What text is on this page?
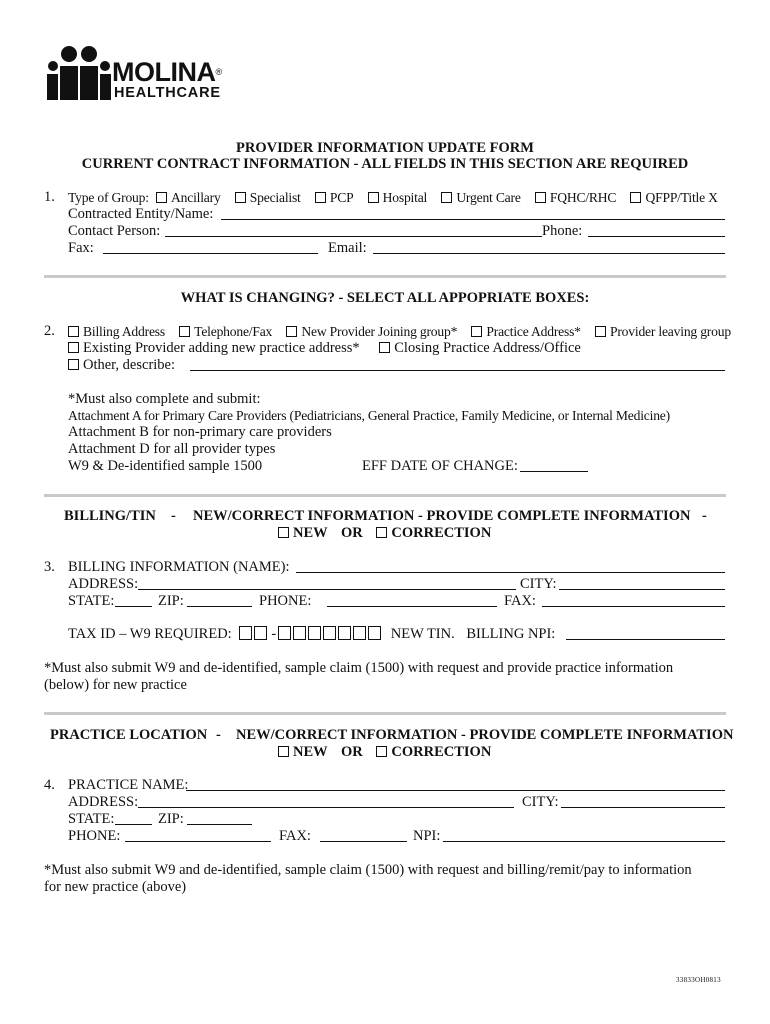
MOLINA®
HEALTHCARE
PROVIDER INFORMATION UPDATE FORM
CURRENT CONTRACT INFORMATION - ALL FIELDS IN THIS SECTION ARE REQUIRED
1. Type of Group: Ancillary Specialist PCP Hospital Urgent Care FQHC/RHC QFPP/Title X
Contracted Entity/Name:
Contact Person:	Phone:
Fax:	Email:
WHAT IS CHANGING? - SELECT ALL APPOPRIATE BOXES:
2.	Billing Address Telephone/Fax New Provider Joining group* Practice Address* Provider leaving group
Existing Provider adding new practice address* Closing Practice Address/Office
Other, describe:
*Must also complete and submit:
Attachment A for Primary Care Providers (Pediatricians, General Practice, Family Medicine, or Internal Medicine)
Attachment B for non-primary care providers
Attachment D for all provider types
W9 & De-identified sample 1500	EFF DATE OF CHANGE:
BILLING/TIN - NEW/CORRECT INFORMATION - PROVIDE COMPLETE INFORMATION -
NEW OR CORRECTION
3. BILLING INFORMATION (NAME):
ADDRESS:	CITY:
STATE:	ZIP:	PHONE:	FAX:
TAX ID – W9 REQUIRED:	-	NEW TIN. BILLING NPI:
*Must also submit W9 and de-identified, sample claim (1500) with request and provide practice information
(below) for new practice
PRACTICE LOCATION - NEW/CORRECT INFORMATION - PROVIDE COMPLETE INFORMATION
NEW OR CORRECTION
4. PRACTICE NAME:
ADDRESS:	CITY:
STATE:	ZIP:
PHONE:	FAX:	NPI:
*Must also submit W9 and de-identified, sample claim (1500) with request and billing/remit/pay to information
for new practice (above)
33833OH0813
